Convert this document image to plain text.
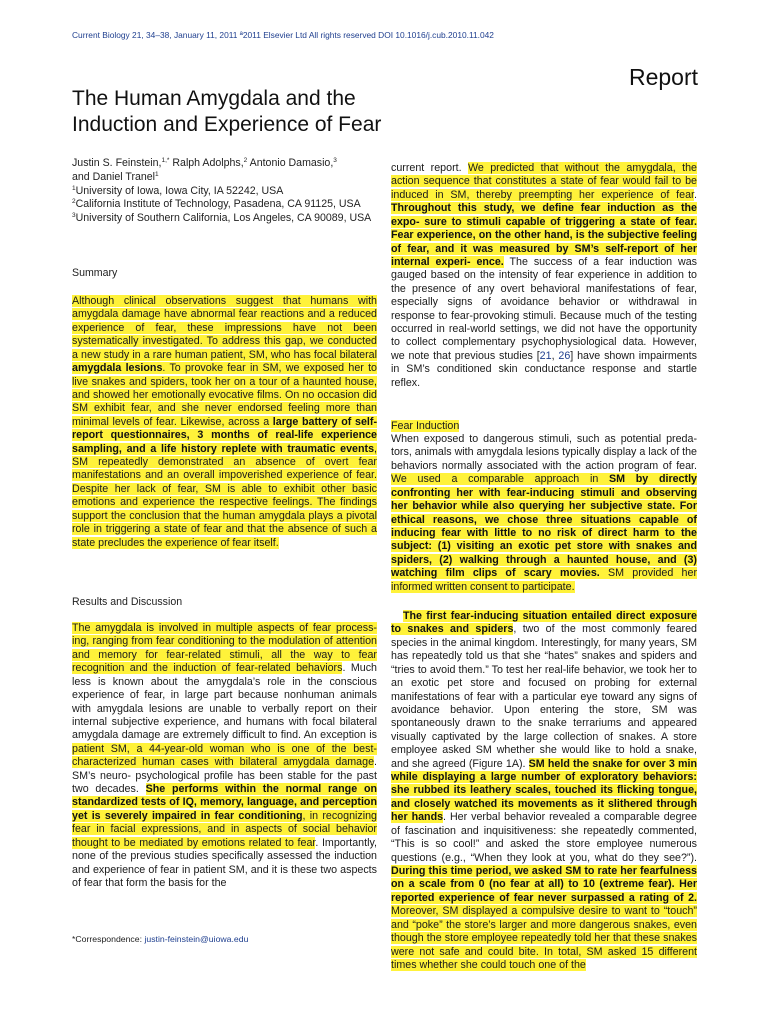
Current Biology 21, 34–38, January 11, 2011 ª2011 Elsevier Ltd All rights reserved DOI 10.1016/j.cub.2010.11.042
Report
The Human Amygdala and the
Induction and Experience of Fear
Justin S. Feinstein,$^{1,*}$ Ralph Adolphs,$^2$ Antonio Damasio,$^3$
and Daniel Tranel$^1$
$^1$University of Iowa, Iowa City, IA 52242, USA
$^2$California Institute of Technology, Pasadena, CA 91125, USA $^3$University of Southern California, Los Angeles, CA 90089, USA
Summary
Although clinical observations suggest that humans with amygdala damage have abnormal fear reactions and a reduced experience of fear, these impressions have not been systematically investigated. To address this gap, we conducted a new study in a rare human patient, SM, who has focal bilateral amygdala lesions. To provoke fear in SM, we exposed her to live snakes and spiders, took her on a tour of a haunted house, and showed her emotionally evocative films. On no occasion did SM exhibit fear, and she never endorsed feeling more than minimal levels of fear. Likewise, across a large battery of self-report questionnaires, 3 months of real-life experience sampling, and a life history replete with traumatic events, SM repeatedly demonstrated an absence of overt fear manifestations and an overall impoverished experience of fear. Despite her lack of fear, SM is able to exhibit other basic emotions and experience the respective feelings. The findings support the conclusion that the human amygdala plays a pivotal role in triggering a state of fear and that the absence of such a state precludes the experience of fear itself.
Results and Discussion
The amygdala is involved in multiple aspects of fear process- ing, ranging from fear conditioning to the modulation of attention and memory for fear-related stimuli, all the way to fear recognition and the induction of fear-related behaviors. Much less is known about the amygdala’s role in the conscious experience of fear, in large part because nonhuman animals with amygdala lesions are unable to verbally report on their internal subjective experience, and humans with focal bilateral amygdala damage are extremely difficult to find. An exception is patient SM, a 44-year-old woman who is one of the best-characterized human cases with bilateral amygdala damage. SM’s neuro- psychological profile has been stable for the past two decades. She performs within the normal range on standardized tests of IQ, memory, language, and perception yet is severely impaired in fear conditioning, in recognizing fear in facial expressions, and in aspects of social behavior thought to be mediated by emotions related to fear. Importantly, none of the previous studies specifically assessed the induction and experience of fear in patient SM, and it is these two aspects of fear that form the basis for the
*Correspondence: justin-feinstein@uiowa.edu
current report. We predicted that without the amygdala, the action sequence that constitutes a state of fear would fail to be induced in SM, thereby preempting her experience of fear. Throughout this study, we define fear induction as the expo- sure to stimuli capable of triggering a state of fear. Fear experience, on the other hand, is the subjective feeling of fear, and it was measured by SM’s self-report of her internal experi- ence. The success of a fear induction was gauged based on the intensity of fear experience in addition to the presence of any overt behavioral manifestations of fear, especially signs of avoidance behavior or withdrawal in response to fear-provoking stimuli. Because much of the testing occurred in real-world settings, we did not have the opportunity to collect complementary psychophysiological data. However, we note that previous studies [21, 26] have shown impairments in SM’s conditioned skin conductance response and startle reflex.
Fear Induction
When exposed to dangerous stimuli, such as potential preda- tors, animals with amygdala lesions typically display a lack of the behaviors normally associated with the action program of fear. We used a comparable approach in SM by directly confronting her with fear-inducing stimuli and observing her behavior while also querying her subjective state. For ethical reasons, we chose three situations capable of inducing fear with little to no risk of direct harm to the subject: (1) visiting an exotic pet store with snakes and spiders, (2) walking through a haunted house, and (3) watching film clips of scary movies. SM provided her informed written consent to participate.
The first fear-inducing situation entailed direct exposure to snakes and spiders, two of the most commonly feared species in the animal kingdom. Interestingly, for many years, SM has repeatedly told us that she “hates” snakes and spiders and “tries to avoid them.” To test her real-life behavior, we took her to an exotic pet store and focused on probing for external manifestations of fear with a particular eye toward any signs of avoidance behavior. Upon entering the store, SM was spontaneously drawn to the snake terrariums and appeared visually captivated by the large collection of snakes. A store employee asked SM whether she would like to hold a snake, and she agreed (Figure 1A). SM held the snake for over 3 min while displaying a large number of exploratory behaviors: she rubbed its leathery scales, touched its flicking tongue, and closely watched its movements as it slithered through her hands. Her verbal behavior revealed a comparable degree of fascination and inquisitiveness: she repeatedly commented, “This is so cool!” and asked the store employee numerous questions (e.g., “When they look at you, what do they see?”). During this time period, we asked SM to rate her fearfulness on a scale from 0 (no fear at all) to 10 (extreme fear). Her reported experience of fear never surpassed a rating of 2. Moreover, SM displayed a compulsive desire to want to “touch” and “poke” the store’s larger and more dangerous snakes, even though the store employee repeatedly told her that these snakes were not safe and could bite. In total, SM asked 15 different times whether she could touch one of the
